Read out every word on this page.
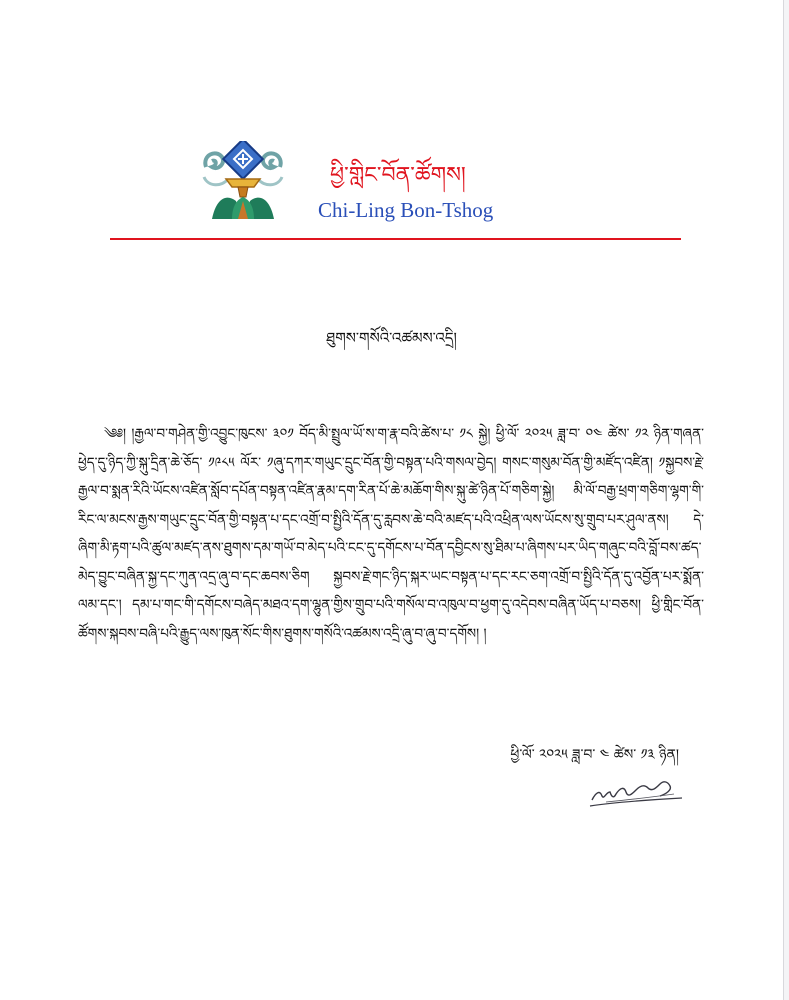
ཕྱི་གླིང་བོན་ཚོགས།
Chi-Ling Bon-Tshog
ཐུགས་གསོའི་འཚམས་འདྲི།
༄༅། །རྒྱལ་བ་གཤེན་གྱི་འབྱུང་ཁུངས་ ༣༠༡ བོད་མི་སྤྲུལ་ཡོ་ས་ག་རྣ་བའི་ཚེས་པ་ ༡༨ སྐྱེ། ཕྱི་ལོ་ ༢༠༢༥ ཟླ་བ་ ༠༤ ཚེས་ ༡༢ ཉིན་གཞན་ཕྱེད་དུ་ཉིད་ཀྱི་སྐུ་དྲིན་ཆེ་ཅོད་ ༡༩༨༥ ལོར་ ༡ཞུ་དཀར་གཡུང་དྲུང་བོན་གྱི་བསྟན་པའི་གསལ་བྱེད། གསང་གསུམ་བོན་གྱི་མཛོད་འཛིན། ༡སྐྱབས་རྗེ་རྒྱལ་བ་སྨན་རིའི་ཡོངས་འཛིན་སློབ་དཔོན་བསྟན་འཛིན་རྣམ་དག་རིན་པོ་ཆེ་མཆོག་གིས་སྐུ་ཚེ་ཉིན་པོ་གཅིག་སྐྱེ། མི་ལོ་བརྒྱ་ཕྲག་གཅིག་ལྷག་གི་རིང་ལ་མངས་རྒྱས་གཡུང་དྲུང་བོན་གྱི་བསྟན་པ་དང་འགྲོ་བ་སྤྱིའི་དོན་དུ་རླབས་ཆེ་བའི་མཛད་པའི་འཕྲིན་ལས་ཡོངས་སུ་གྲུབ་པར་ཤུལ་ནས། དེ་ཞིག་མི་རྟག་པའི་ཚུལ་མཛད་ནས་ཐུགས་དམ་གཡོ་བ་མེད་པའི་ངང་དུ་དགོངས་པ་བོན་དབྱིངས་སུ་ཐིམ་པ་ཞིགས་པར་ཡིད་གཞུང་བའི་བློ་བས་ཚད་མེད་བྱུང་བཞིན་སྐྱ་དང་ཀུན་འདྲ་ཞུ་བ་དང་ཆབས་ཅིག སྐྱབས་རྗེ་གང་ཉིད་སྐར་ཡང་བསྟན་པ་དང་རང་ཅག་འགྲོ་བ་སྤྱིའི་དོན་དུ་འབྱོན་པར་སྨོན་ལམ་དང་། དམ་པ་གང་གི་དགོངས་བཞེད་མཐའ་དག་ལྷུན་གྱིས་གྲུབ་པའི་གསོལ་བ་འཁུལ་བ་ཕྱག་དུ་འདེབས་བཞིན་ཡོད་པ་བཅས། ཕྱི་གླིང་བོན་ཚོགས་སྐབས་བཞི་པའི་རྒྱུད་ལས་ཁུན་སོང་གིས་ཐུགས་གསོའི་འཚམས་འདྲི་ཞུ་བ་ཞུ་བ་དགོས། །
ཕྱི་ལོ་ ༢༠༢༥ ཟླ་བ་ ༤ ཚེས་ ༡༣ ཉིན།
